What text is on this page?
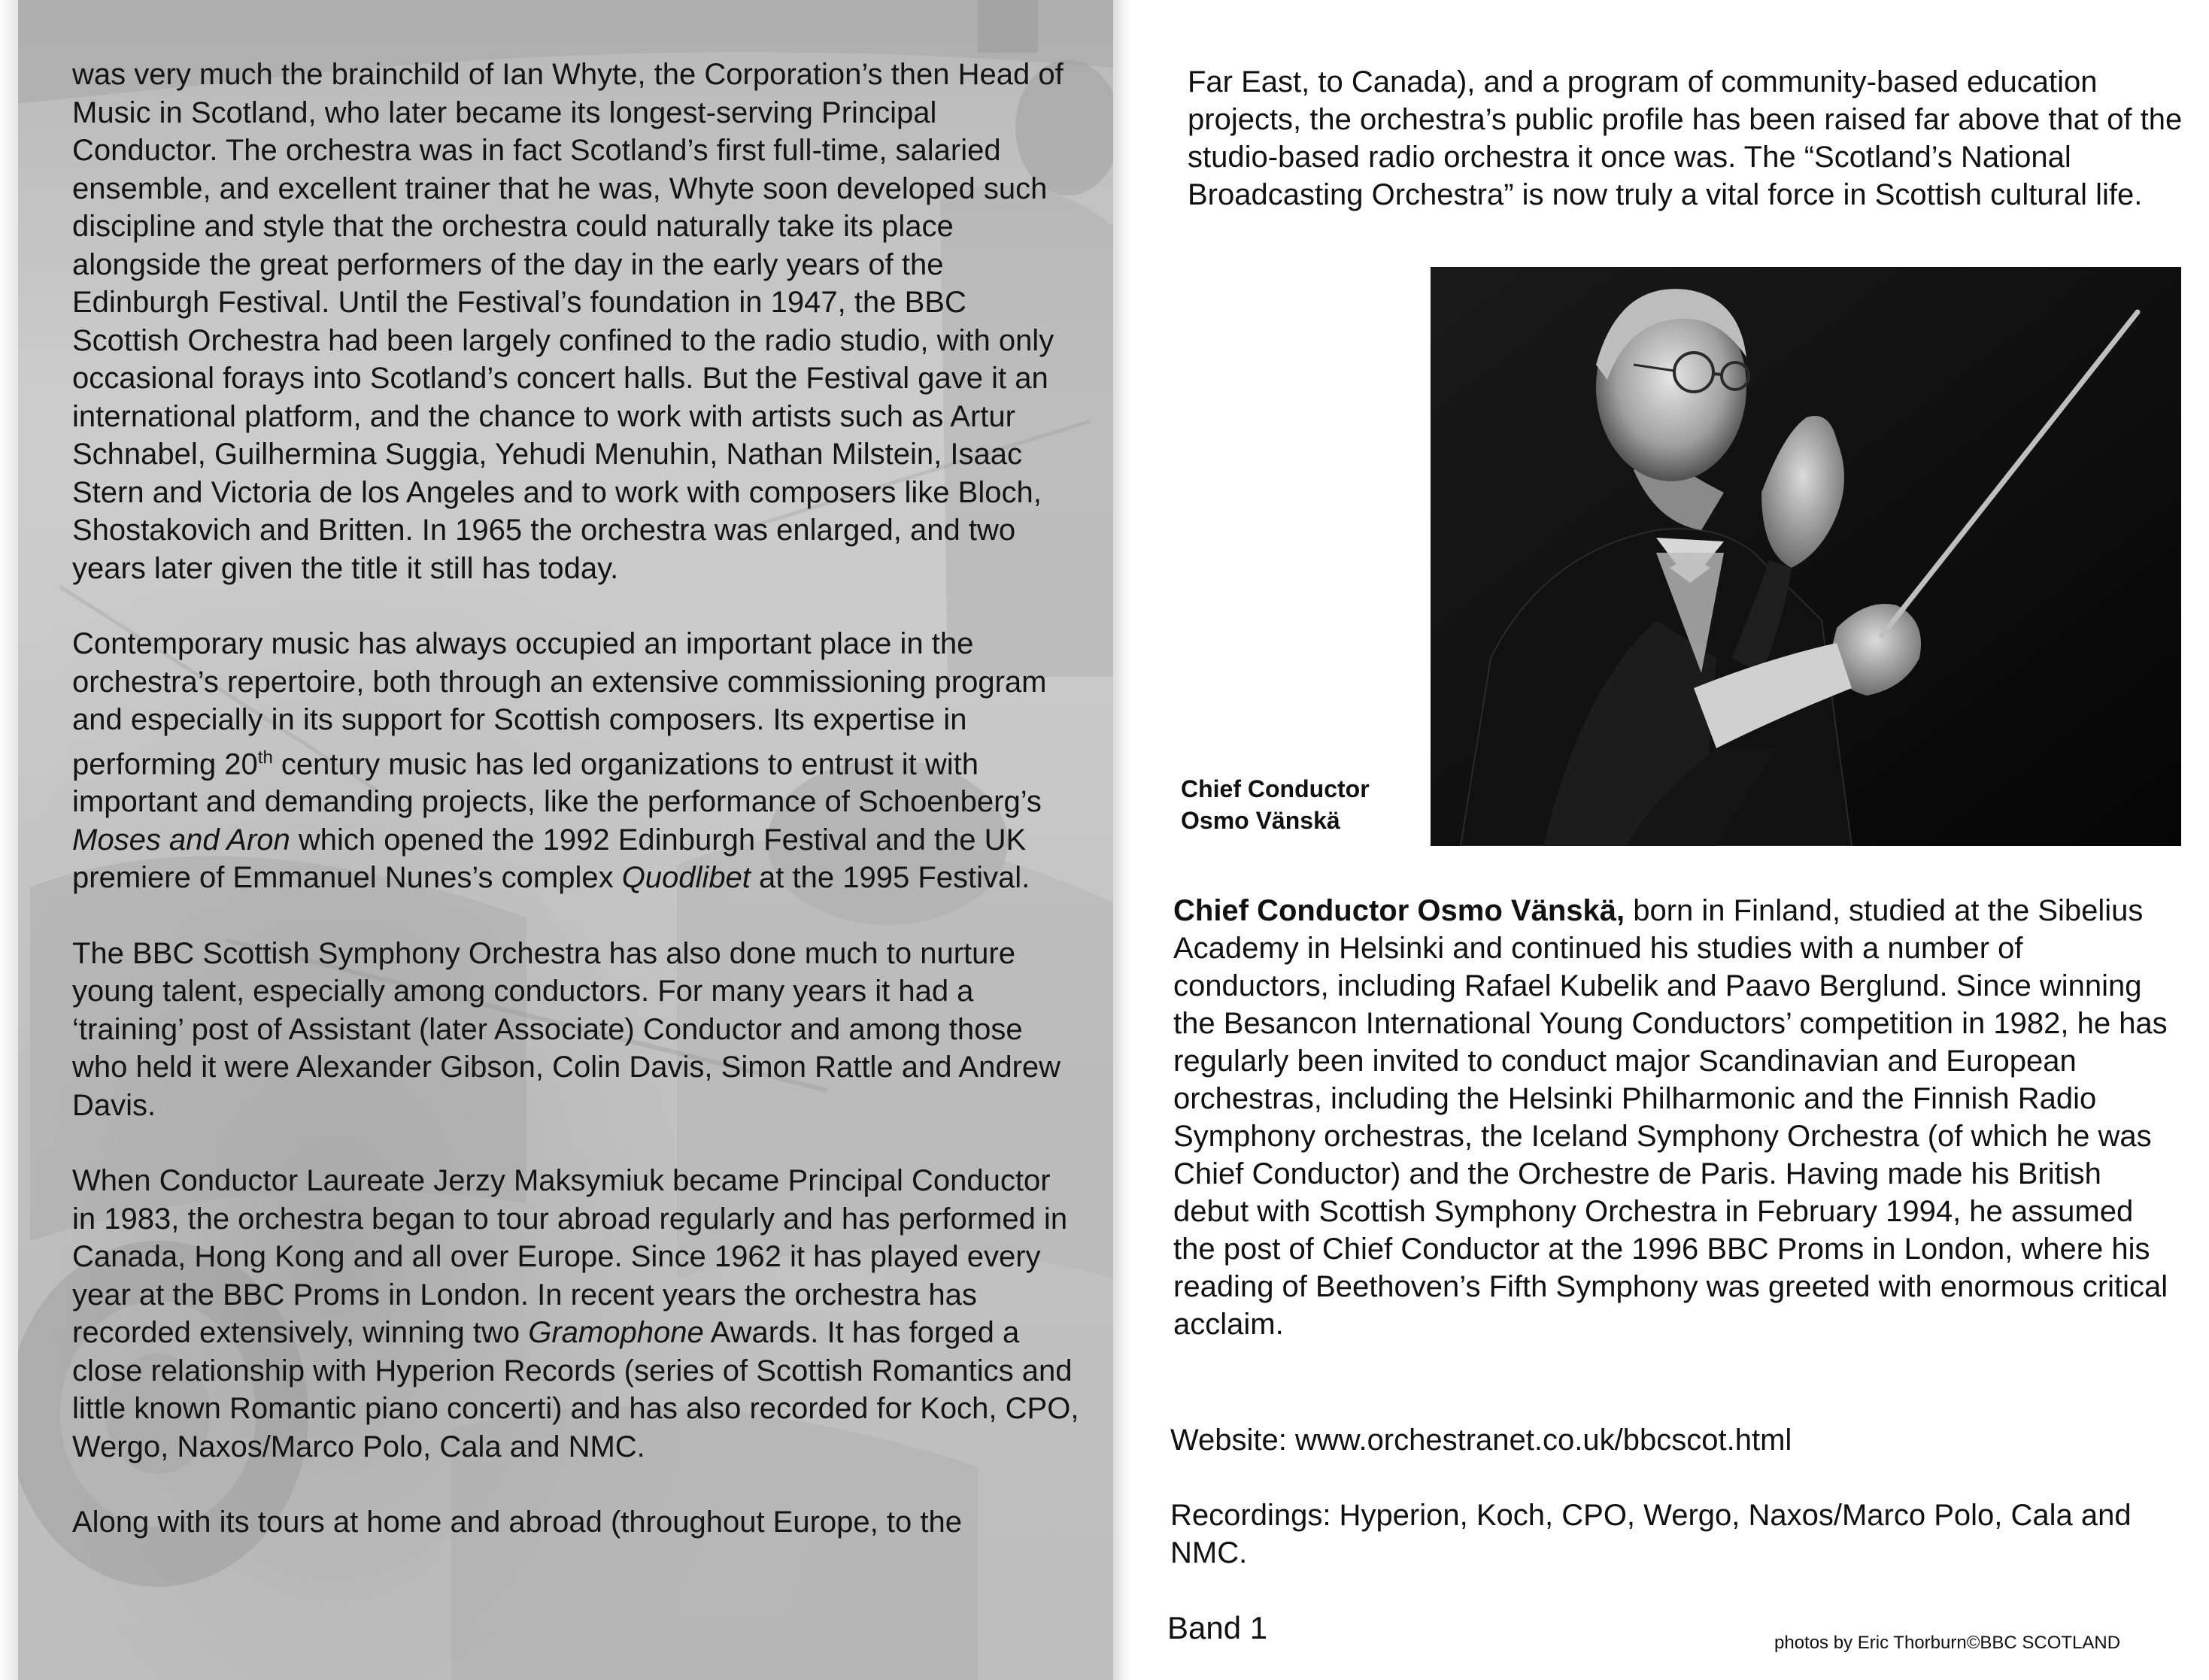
was very much the brainchild of Ian Whyte, the Corporation’s then Head of Music in Scotland, who later became its longest-serving Principal Conductor. The orchestra was in fact Scotland’s first full-time, salaried ensemble, and excellent trainer that he was, Whyte soon developed such discipline and style that the orchestra could naturally take its place alongside the great performers of the day in the early years of the Edinburgh Festival. Until the Festival’s foundation in 1947, the BBC Scottish Orchestra had been largely confined to the radio studio, with only occasional forays into Scotland’s concert halls. But the Festival gave it an international platform, and the chance to work with artists such as Artur Schnabel, Guilhermina Suggia, Yehudi Menuhin, Nathan Milstein, Isaac Stern and Victoria de los Angeles and to work with composers like Bloch, Shostakovich and Britten. In 1965 the orchestra was enlarged, and two years later given the title it still has today.

Contemporary music has always occupied an important place in the orchestra’s repertoire, both through an extensive commissioning program and especially in its support for Scottish composers. Its expertise in performing 20th century music has led organizations to entrust it with important and demanding projects, like the performance of Schoenberg’s Moses and Aron which opened the 1992 Edinburgh Festival and the UK premiere of Emmanuel Nunes’s complex Quodlibet at the 1995 Festival.

The BBC Scottish Symphony Orchestra has also done much to nurture young talent, especially among conductors. For many years it had a ‘training’ post of Assistant (later Associate) Conductor and among those who held it were Alexander Gibson, Colin Davis, Simon Rattle and Andrew Davis.

When Conductor Laureate Jerzy Maksymiuk became Principal Conductor in 1983, the orchestra began to tour abroad regularly and has performed in Canada, Hong Kong and all over Europe. Since 1962 it has played every year at the BBC Proms in London. In recent years the orchestra has recorded extensively, winning two Gramophone Awards. It has forged a close relationship with Hyperion Records (series of Scottish Romantics and little known Romantic piano concerti) and has also recorded for Koch, CPO, Wergo, Naxos/Marco Polo, Cala and NMC.

Along with its tours at home and abroad (throughout Europe, to the

Far East, to Canada), and a program of community-based education projects, the orchestra’s public profile has been raised far above that of the studio-based radio orchestra it once was. The “Scotland’s National Broadcasting Orchestra” is now truly a vital force in Scottish cultural life.

Chief Conductor
Osmo Vänskä

Chief Conductor Osmo Vänskä, born in Finland, studied at the Sibelius Academy in Helsinki and continued his studies with a number of conductors, including Rafael Kubelik and Paavo Berglund. Since winning the Besancon International Young Conductors’ competition in 1982, he has regularly been invited to conduct major Scandinavian and European orchestras, including the Helsinki Philharmonic and the Finnish Radio Symphony orchestras, the Iceland Symphony Orchestra (of which he was Chief Conductor) and the Orchestre de Paris. Having made his British debut with Scottish Symphony Orchestra in February 1994, he assumed the post of Chief Conductor at the 1996 BBC Proms in London, where his reading of Beethoven’s Fifth Symphony was greeted with enormous critical acclaim.

Website: www.orchestranet.co.uk/bbcscot.html

Recordings: Hyperion, Koch, CPO, Wergo, Naxos/Marco Polo, Cala and NMC.

Band 1	photos by Eric Thorburn©BBC SCOTLAND
